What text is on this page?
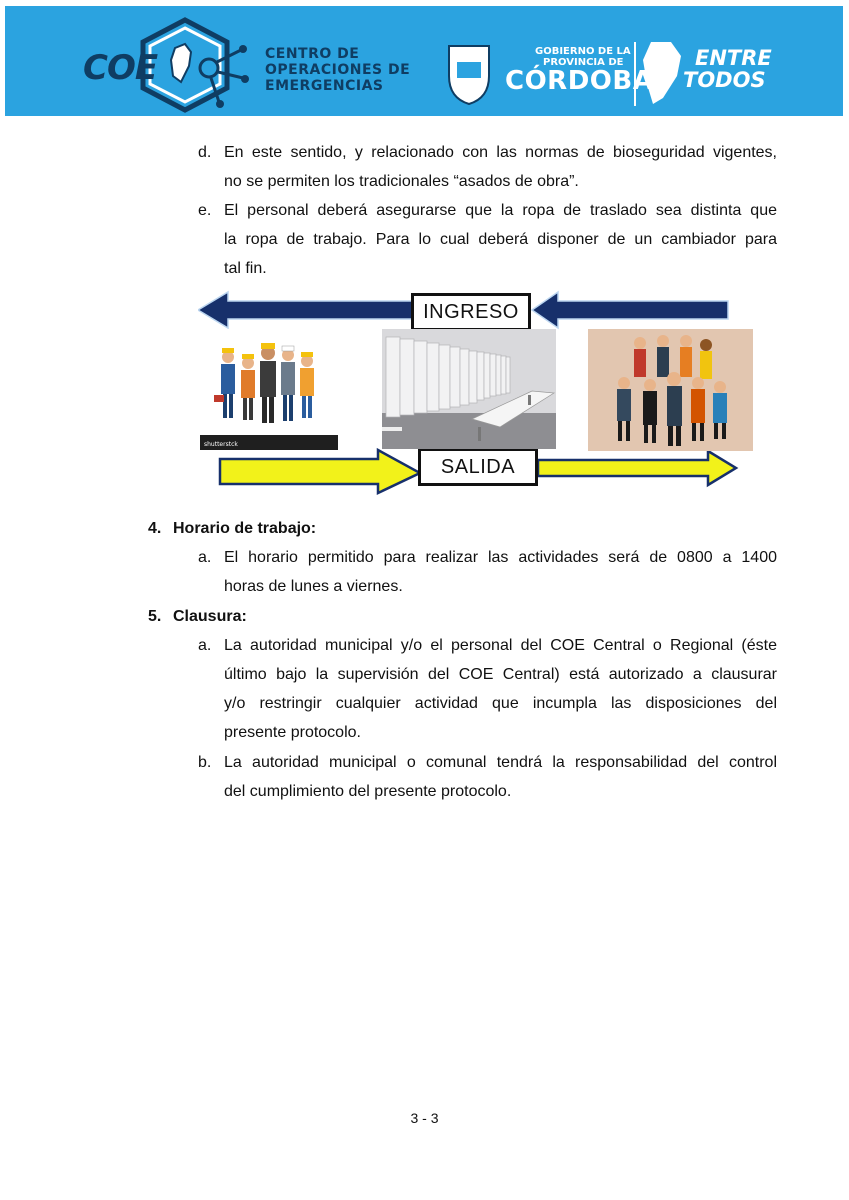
COE	CENTRO DE
OPERACIONES DE
EMERGENCIAS
GOBIERNO DE LA
PROVINCIA DE
CÓRDOBA
ENTRE
TODOS
d. En este sentido, y relacionado con las normas de bioseguridad vigentes,
no se permiten los tradicionales “asados de obra”.
e. El personal deberá asegurarse que la ropa de traslado sea distinta que
la ropa de trabajo. Para lo cual deberá disponer de un cambiador para
tal fin.
INGRESO
SALIDA
shutterstck
4. Horario de trabajo:
a. El horario permitido para realizar las actividades será de 0800 a 1400
horas de lunes a viernes.
5. Clausura:
a. La autoridad municipal y/o el personal del COE Central o Regional (éste
último bajo la supervisión del COE Central) está autorizado a clausurar
y/o restringir cualquier actividad que incumpla las disposiciones del
presente protocolo.
b. La autoridad municipal o comunal tendrá la responsabilidad del control
del cumplimiento del presente protocolo.
3 - 3
